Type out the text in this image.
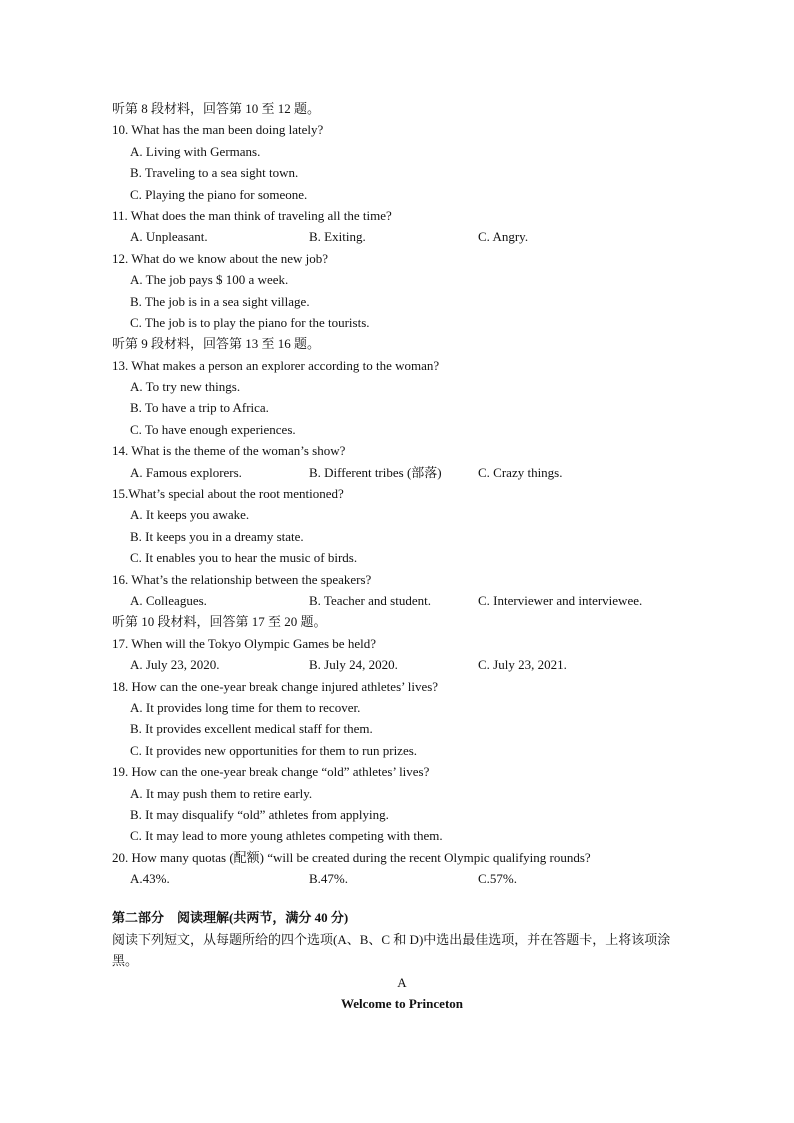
听第 8 段材料，回答第 10 至 12 题。
10. What has the man been doing lately?
A. Living with Germans.
B. Traveling to a sea sight town.
C. Playing the piano for someone.
11. What does the man think of traveling all the time?
A. Unpleasant.	B. Exiting.	C. Angry.
12. What do we know about the new job?
A. The job pays $ 100 a week.
B. The job is in a sea sight village.
C. The job is to play the piano for the tourists.
听第 9 段材料，回答第 13 至 16 题。
13. What makes a person an explorer according to the woman?
A. To try new things.
B. To have a trip to Africa.
C. To have enough experiences.
14. What is the theme of the woman’s show?
A. Famous explorers.	B. Different tribes (部落)	C. Crazy things.
15.What’s special about the root mentioned?
A. It keeps you awake.
B. It keeps you in a dreamy state.
C. It enables you to hear the music of birds.
16. What’s the relationship between the speakers?
A. Colleagues.	B. Teacher and student.	C. Interviewer and interviewee.
听第 10 段材料，回答第 17 至 20 题。
17. When will the Tokyo Olympic Games be held?
A. July 23, 2020.	B. July 24, 2020.	C. July 23, 2021.
18. How can the one-year break change injured athletes’ lives?
A. It provides long time for them to recover.
B. It provides excellent medical staff for them.
C. It provides new opportunities for them to run prizes.
19. How can the one-year break change “old” athletes’ lives?
A. It may push them to retire early.
B. It may disqualify “old” athletes from applying.
C. It may lead to more young athletes competing with them.
20. How many quotas (配额) “will be created during the recent Olympic qualifying rounds?
A.43%.	B.47%.	C.57%.
第二部分　阅读理解(共两节，满分 40 分)
阅读下列短文，从每题所给的四个选项(A、B、C 和 D)中选出最佳选项，并在答题卡，上将该项涂黑。
A
Welcome to Princeton
